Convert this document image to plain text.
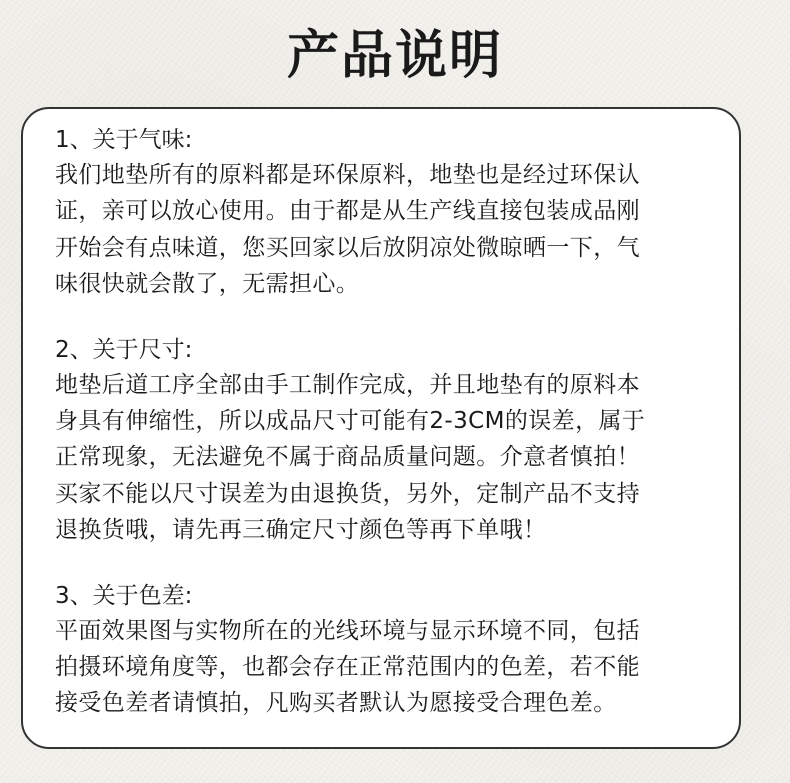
产品说明
1、关于气味:
我们地垫所有的原料都是环保原料，地垫也是经过环保认
证，亲可以放心使用。由于都是从生产线直接包装成品刚
开始会有点味道，您买回家以后放阴凉处微晾晒一下，气
味很快就会散了，无需担心。
2、关于尺寸:
地垫后道工序全部由手工制作完成，并且地垫有的原料本
身具有伸缩性，所以成品尺寸可能有2-3CM的误差，属于
正常现象，无法避免不属于商品质量问题。介意者慎拍！
买家不能以尺寸误差为由退换货，另外，定制产品不支持
退换货哦，请先再三确定尺寸颜色等再下单哦！
3、关于色差:
平面效果图与实物所在的光线环境与显示环境不同，包括
拍摄环境角度等，也都会存在正常范围内的色差，若不能
接受色差者请慎拍，凡购买者默认为愿接受合理色差。
